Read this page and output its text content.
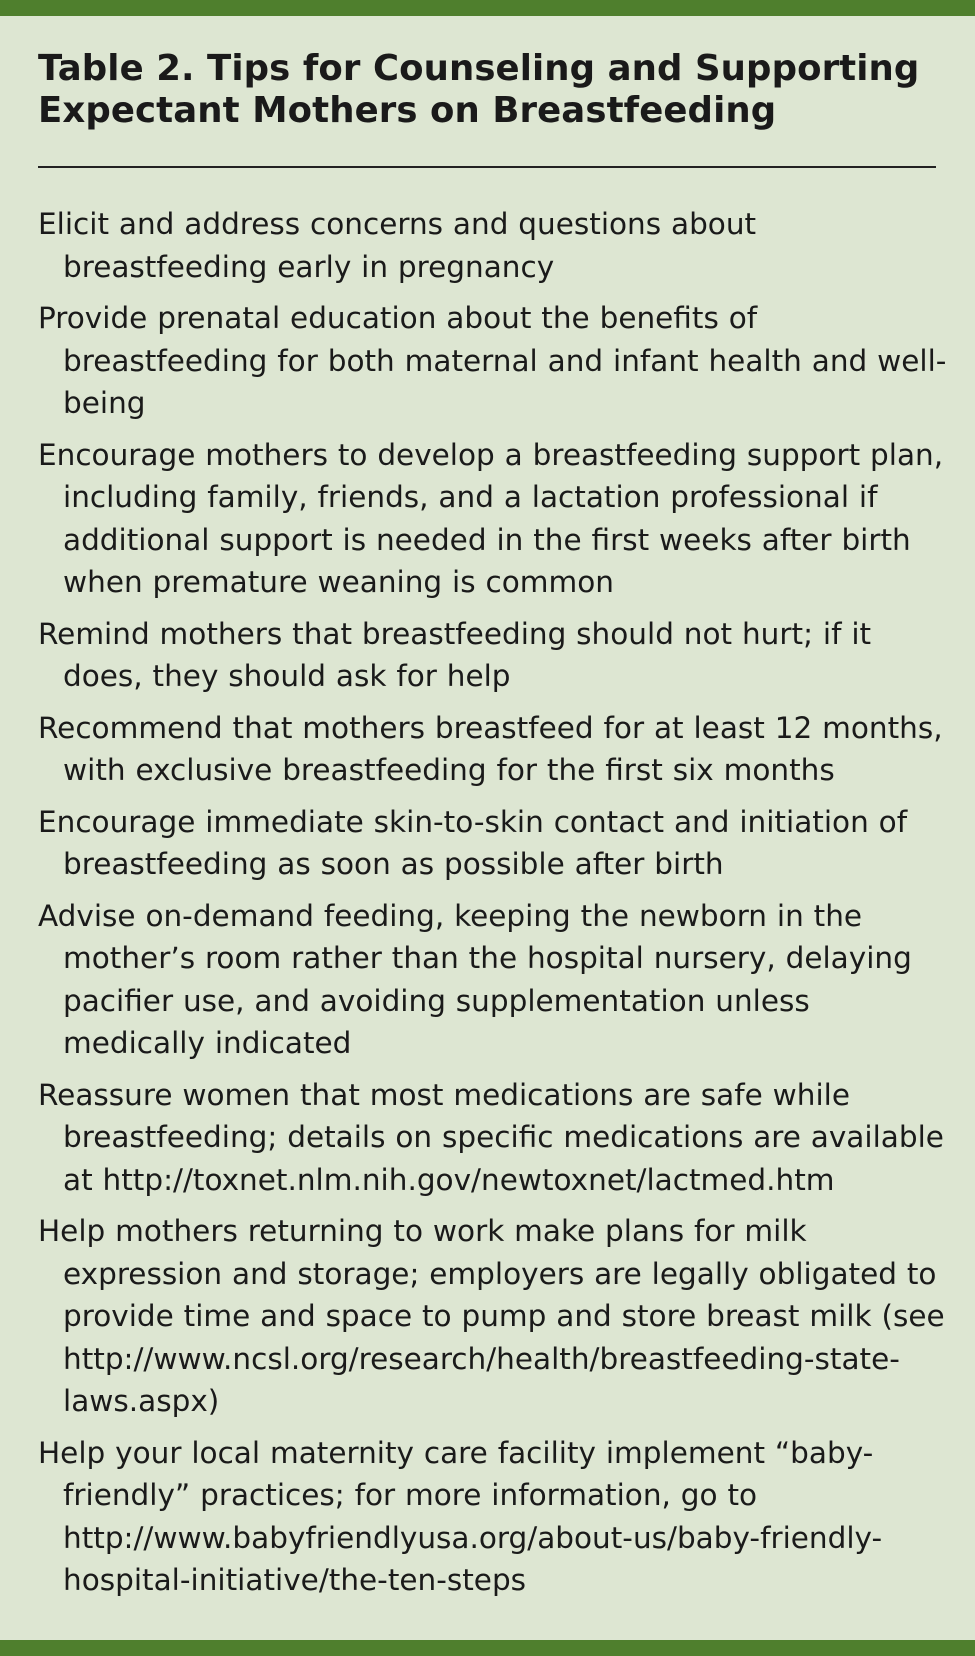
Table 2. Tips for Counseling and Supporting Expectant Mothers on Breastfeeding
Elicit and address concerns and questions about breastfeeding early in pregnancy
Provide prenatal education about the benefits of breastfeeding for both maternal and infant health and well-being
Encourage mothers to develop a breastfeeding support plan, including family, friends, and a lactation professional if additional support is needed in the first weeks after birth when premature weaning is common
Remind mothers that breastfeeding should not hurt; if it does, they should ask for help
Recommend that mothers breastfeed for at least 12 months, with exclusive breastfeeding for the first six months
Encourage immediate skin-to-skin contact and initiation of breastfeeding as soon as possible after birth
Advise on-demand feeding, keeping the newborn in the mother’s room rather than the hospital nursery, delaying pacifier use, and avoiding supplementation unless medically indicated
Reassure women that most medications are safe while breastfeeding; details on specific medications are available at http://toxnet.nlm.nih.gov/newtoxnet/lactmed.htm
Help mothers returning to work make plans for milk expression and storage; employers are legally obligated to provide time and space to pump and store breast milk (see http://www.ncsl.org/research/health/breastfeeding-state-laws.aspx)
Help your local maternity care facility implement “baby-friendly” practices; for more information, go to http://www.babyfriendlyusa.org/about-us/baby-friendly-hospital-initiative/the-ten-steps
